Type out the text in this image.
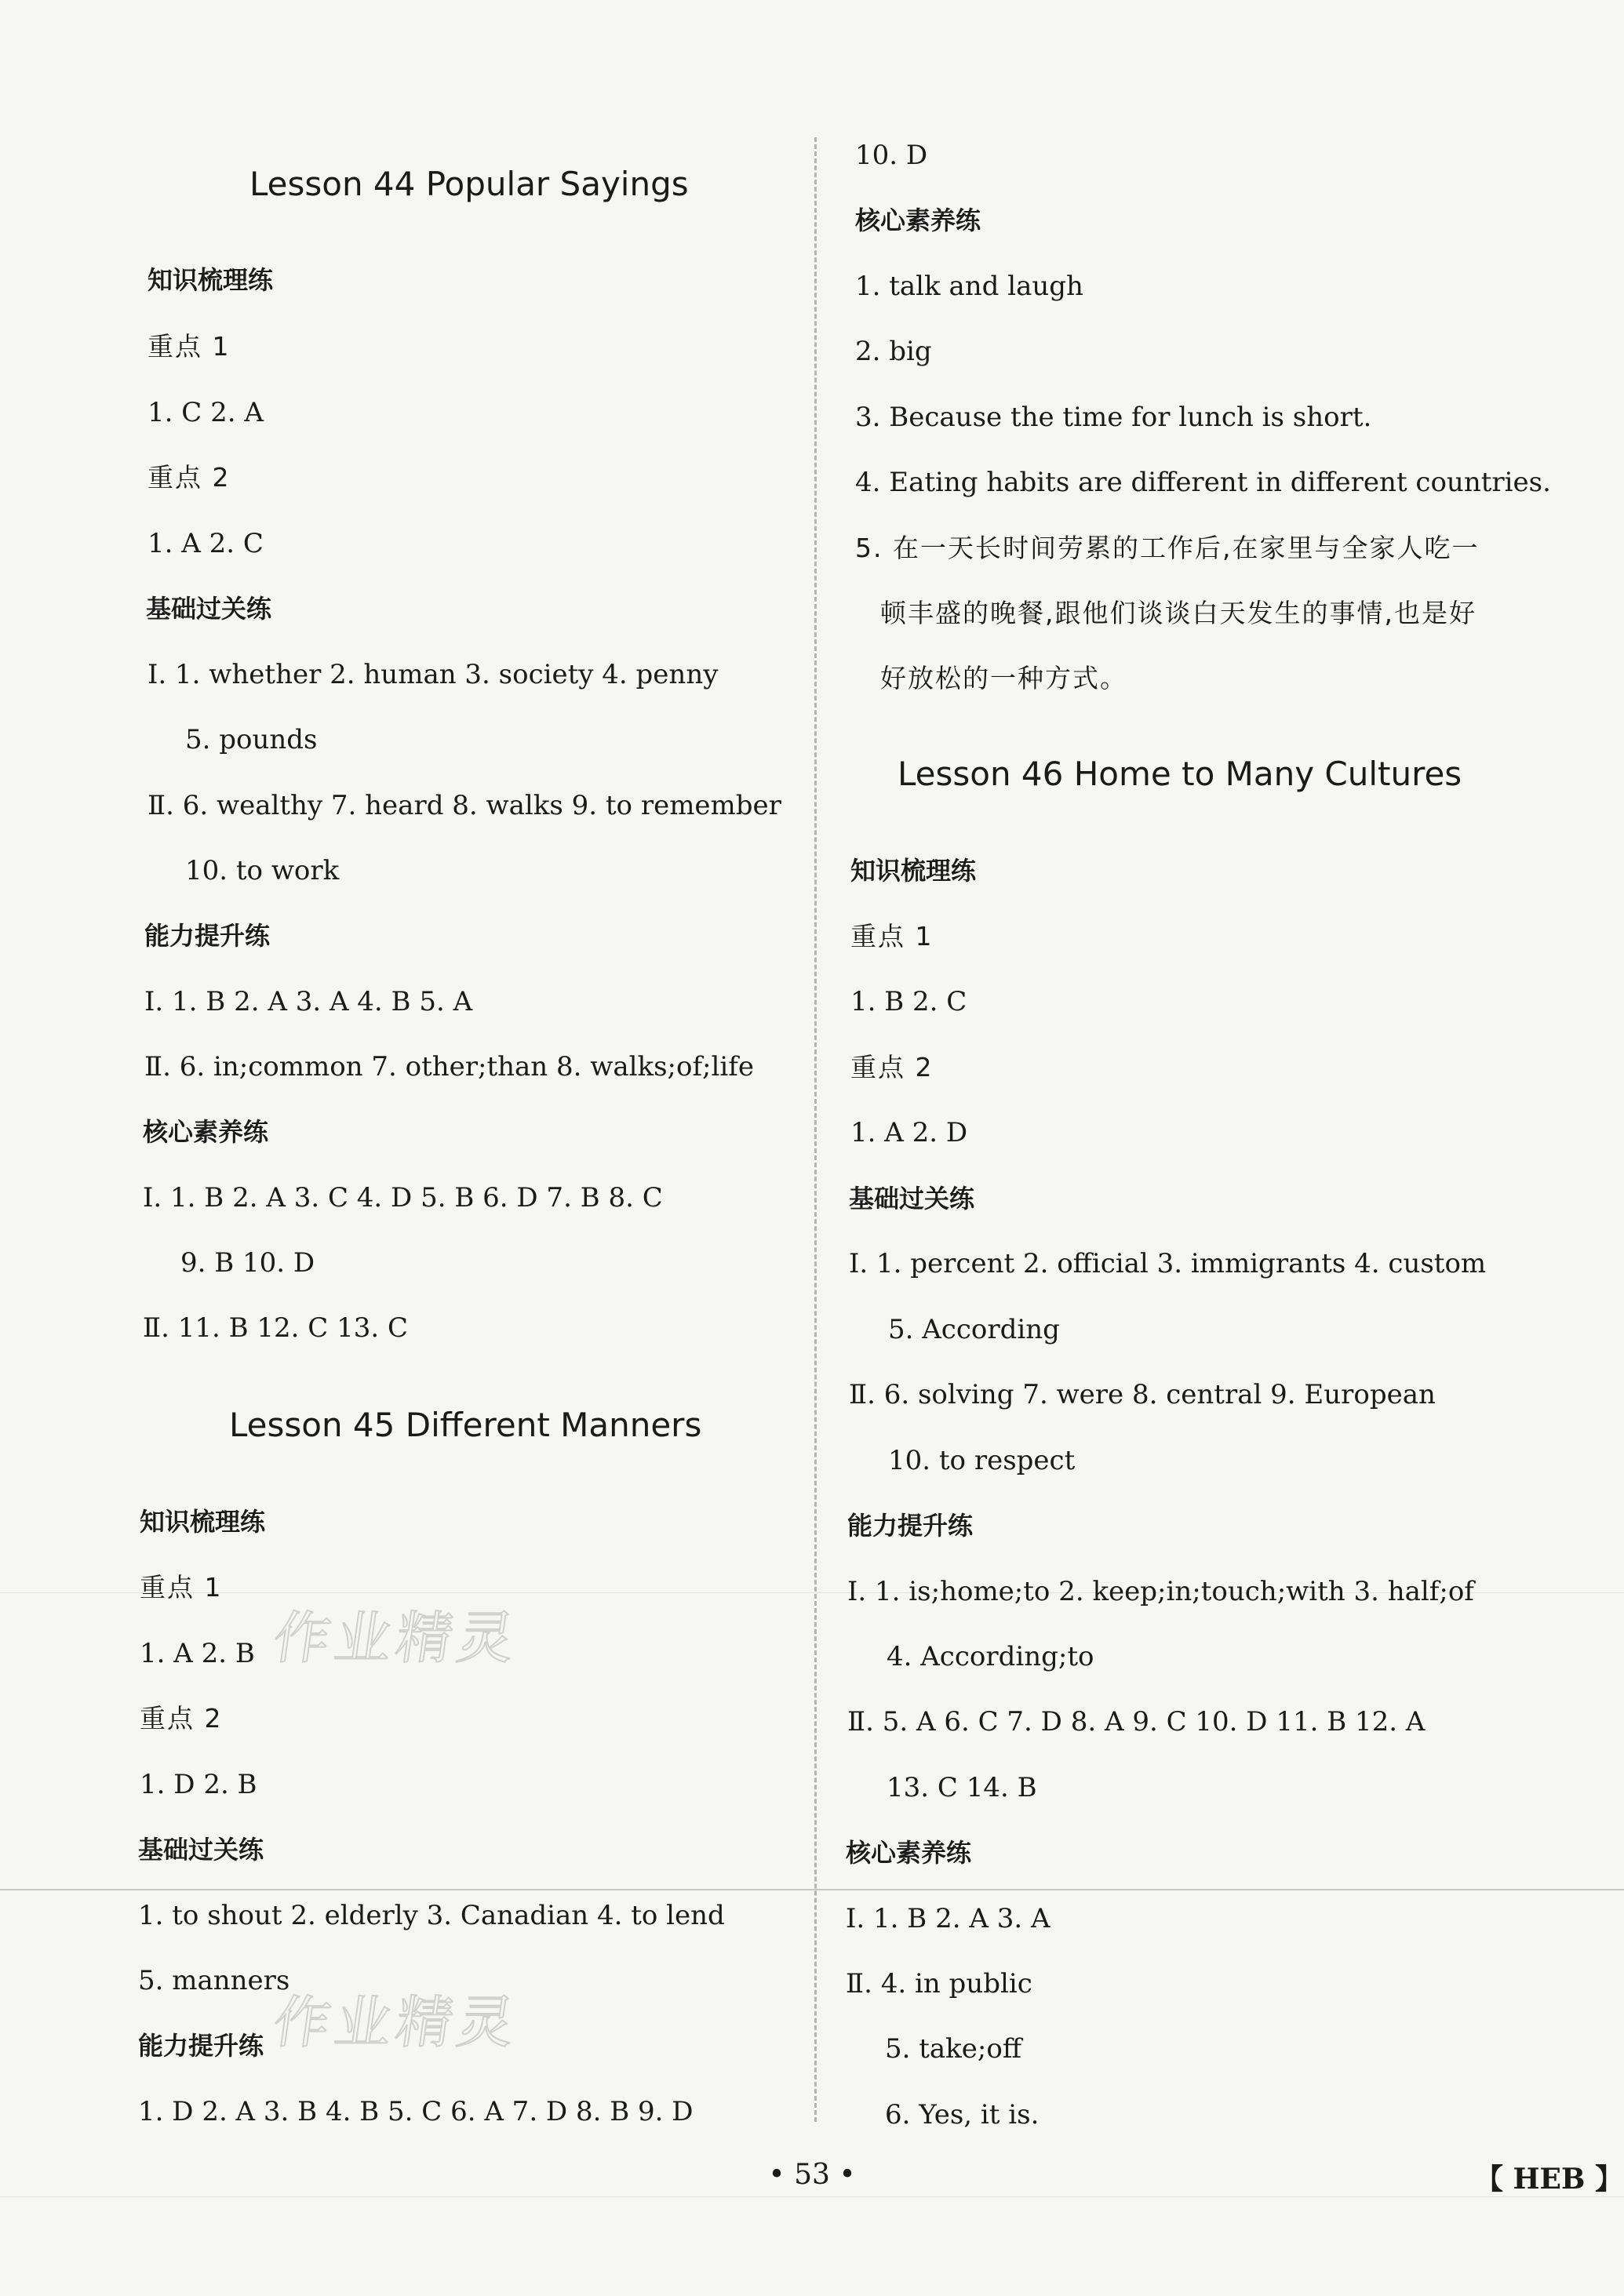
Lesson 44 Popular Sayings
知识梳理练
重点 1
1. C 2. A
重点 2
1. A 2. C
基础过关练
Ⅰ. 1. whether 2. human 3. society 4. penny
5. pounds
Ⅱ. 6. wealthy 7. heard 8. walks 9. to remember
10. to work
能力提升练
Ⅰ. 1. B 2. A 3. A 4. B 5. A
Ⅱ. 6. in;common 7. other;than 8. walks;of;life
核心素养练
Ⅰ. 1. B 2. A 3. C 4. D 5. B 6. D 7. B 8. C
9. B 10. D
Ⅱ. 11. B 12. C 13. C
Lesson 45 Different Manners
知识梳理练
重点 1
1. A 2. B
重点 2
1. D 2. B
基础过关练
1. to shout 2. elderly 3. Canadian 4. to lend
5. manners
能力提升练
1. D 2. A 3. B 4. B 5. C 6. A 7. D 8. B 9. D
10. D
核心素养练
1. talk and laugh
2. big
3. Because the time for lunch is short.
4. Eating habits are different in different countries.
5. 在一天长时间劳累的工作后,在家里与全家人吃一
顿丰盛的晚餐,跟他们谈谈白天发生的事情,也是好
好放松的一种方式。
Lesson 46 Home to Many Cultures
知识梳理练
重点 1
1. B 2. C
重点 2
1. A 2. D
基础过关练
Ⅰ. 1. percent 2. official 3. immigrants 4. custom
5. According
Ⅱ. 6. solving 7. were 8. central 9. European
10. to respect
能力提升练
Ⅰ. 1. is;home;to 2. keep;in;touch;with 3. half;of
4. According;to
Ⅱ. 5. A 6. C 7. D 8. A 9. C 10. D 11. B 12. A
13. C 14. B
核心素养练
Ⅰ. 1. B 2. A 3. A
Ⅱ. 4. in public
5. take;off
6. Yes, it is.
作业精灵
作业精灵
• 53 •	【 HEB 】
